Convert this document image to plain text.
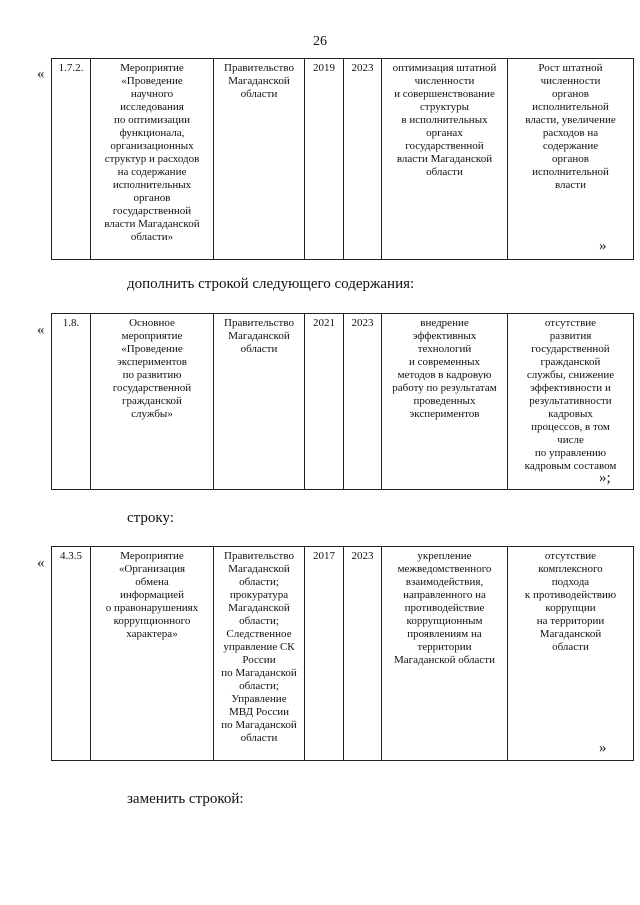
26
« 1.7.2.	Мероприятие
«Проведение
научного
исследования
по оптимизации
функционала,
организационных
структур и расходов
на содержание
исполнительных
органов
государственной
власти Магаданской
области»	Правительство
Магаданской
области	2019	2023	оптимизация штатной
численности
и совершенствование
структуры
в исполнительных
органах
государственной
власти Магаданской
области	Рост штатной
численности
органов
исполнительной
власти, увеличение
расходов на
содержание
органов
исполнительной
власти
»
дополнить строкой следующего содержания:
« 1.8.	Основное
мероприятие
«Проведение
экспериментов
по развитию
государственной
гражданской
службы»	Правительство
Магаданской
области	2021	2023	внедрение
эффективных
технологий
и современных
методов в кадровую
работу по результатам
проведенных
экспериментов	отсутствие
развития
государственной
гражданской
службы, снижение
эффективности и
результативности
кадровых
процессов, в том
числе
по управлению
кадровым составом
»;
строку:
« 4.3.5	Мероприятие
«Организация
обмена
информацией
о правонарушениях
коррупционного
характера»	Правительство
Магаданской
области;
прокуратура
Магаданской
области;
Следственное
управление СК
России
по Магаданской
области;
Управление
МВД России
по Магаданской
области	2017	2023	укрепление
межведомственного
взаимодействия,
направленного на
противодействие
коррупционным
проявлениям на
территории
Магаданской области	отсутствие
комплексного
подхода
к противодействию
коррупции
на территории
Магаданской
области
»
заменить строкой:
